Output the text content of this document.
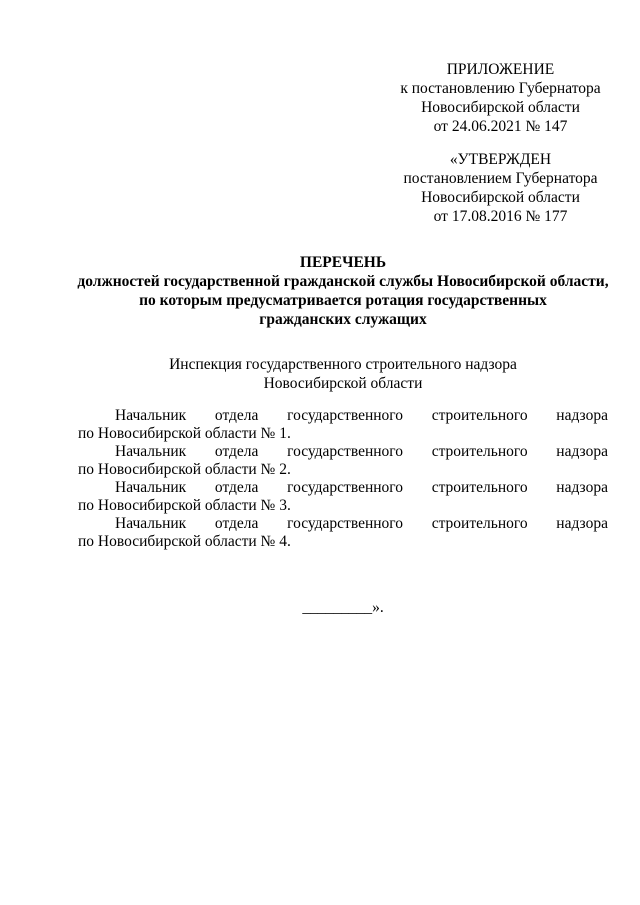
ПРИЛОЖЕНИЕ
к постановлению Губернатора
Новосибирской области
от 24.06.2021 № 147
«УТВЕРЖДЕН
постановлением Губернатора
Новосибирской области
от 17.08.2016 № 177
ПЕРЕЧЕНЬ
должностей государственной гражданской службы Новосибирской области,
по которым предусматривается ротация государственных
гражданских служащих
Инспекция государственного строительного надзора
Новосибирской области
Начальник отдела государственного строительного надзора
по Новосибирской области № 1.
Начальник отдела государственного строительного надзора
по Новосибирской области № 2.
Начальник отдела государственного строительного надзора
по Новосибирской области № 3.
Начальник отдела государственного строительного надзора
по Новосибирской области № 4.
_________».
